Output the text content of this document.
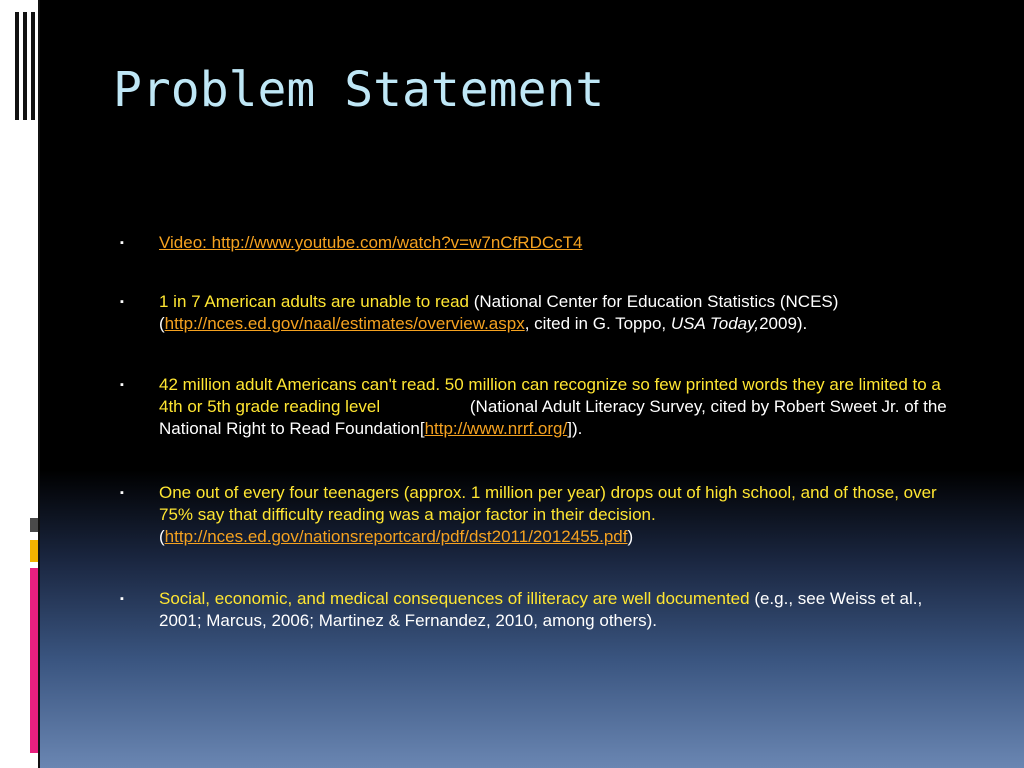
Problem Statement
▪ Video: http://www.youtube.com/watch?v=w7nCfRDCcT4
▪ 1 in 7 American adults are unable to read (National Center for Education Statistics (NCES) (http://nces.ed.gov/naal/estimates/overview.aspx, cited in G. Toppo, USA Today,2009).
▪ 42 million adult Americans can't read. 50 million can recognize so few printed words they are limited to a 4th or 5th grade reading level                   (National Adult Literacy Survey, cited by Robert Sweet Jr. of the National Right to Read Foundation[http://www.nrrf.org/]).
▪ One out of every four teenagers (approx. 1 million per year) drops out of high school, and of those, over 75% say that difficulty reading was a major factor in their decision. (http://nces.ed.gov/nationsreportcard/pdf/dst2011/2012455.pdf)
▪ Social, economic, and medical consequences of illiteracy are well documented (e.g., see Weiss et al., 2001; Marcus, 2006; Martinez & Fernandez, 2010, among others).
